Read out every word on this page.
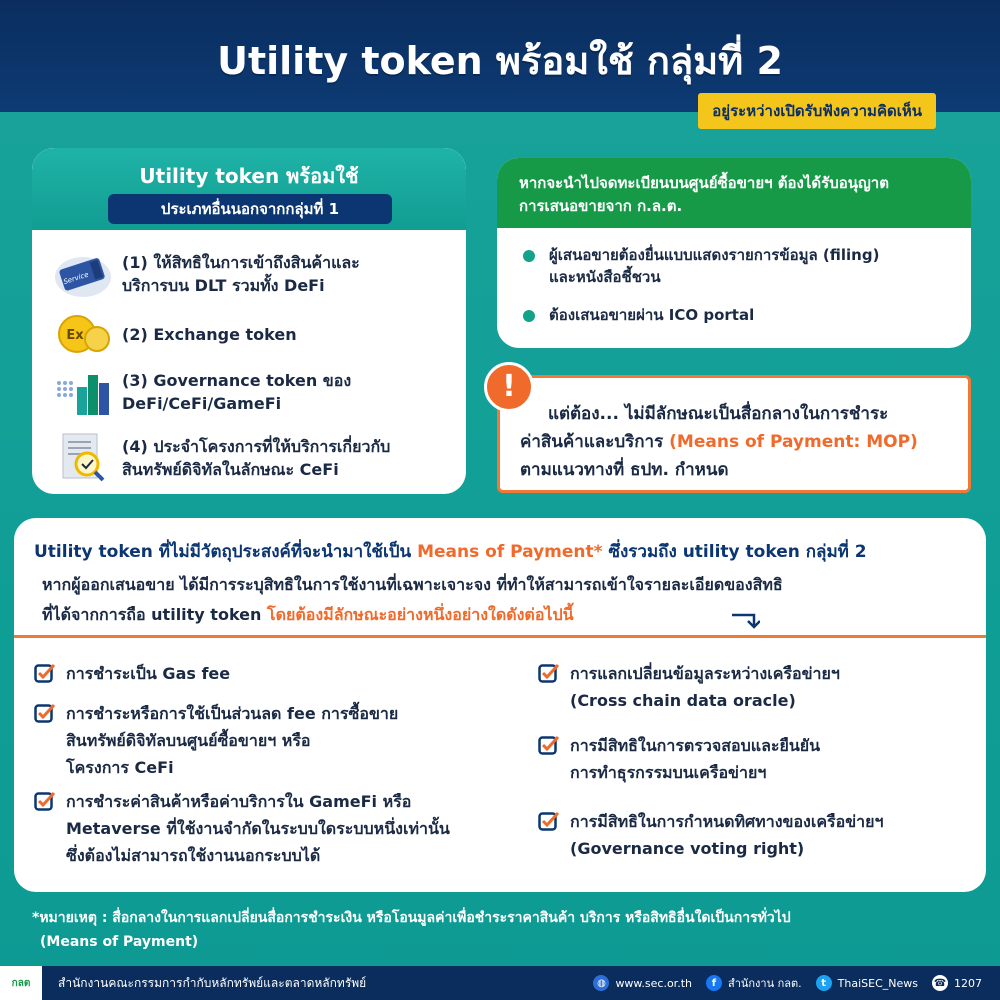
Utility token พร้อมใช้ กลุ่มที่ 2
อยู่ระหว่างเปิดรับฟังความคิดเห็น
Utility token พร้อมใช้
ประเภทอื่นนอกจากกลุ่มที่ 1
Service
(1) ให้สิทธิในการเข้าถึงสินค้าและ
บริการบน DLT รวมทั้ง DeFi
Ex (2) Exchange token
(3) Governance token ของ
DeFi/CeFi/GameFi
(4) ประจำโครงการที่ให้บริการเกี่ยวกับ
สินทรัพย์ดิจิทัลในลักษณะ CeFi
หากจะนำไปจดทะเบียนบนศูนย์ซื้อขายฯ ต้องได้รับอนุญาต
การเสนอขายจาก ก.ล.ต.
ผู้เสนอขายต้องยื่นแบบแสดงรายการข้อมูล (filing)
และหนังสือชี้ชวน
ต้องเสนอขายผ่าน ICO portal
!
แต่ต้อง... ไม่มีลักษณะเป็นสื่อกลางในการชำระ
ค่าสินค้าและบริการ (Means of Payment: MOP)
ตามแนวทางที่ ธปท. กำหนด
Utility token ที่ไม่มีวัตถุประสงค์ที่จะนำมาใช้เป็น Means of Payment* ซึ่งรวมถึง utility token กลุ่มที่ 2
หากผู้ออกเสนอขาย ได้มีการระบุสิทธิในการใช้งานที่เฉพาะเจาะจง ที่ทำให้สามารถเข้าใจรายละเอียดของสิทธิ
ที่ได้จากการถือ utility token โดยต้องมีลักษณะอย่างหนึ่งอย่างใดดังต่อไปนี้
การชำระเป็น Gas fee
การชำระหรือการใช้เป็นส่วนลด fee การซื้อขาย
สินทรัพย์ดิจิทัลบนศูนย์ซื้อขายฯ หรือ
โครงการ CeFi
การชำระค่าสินค้าหรือค่าบริการใน GameFi หรือ
Metaverse ที่ใช้งานจำกัดในระบบใดระบบหนึ่งเท่านั้น
ซึ่งต้องไม่สามารถใช้งานนอกระบบได้
การแลกเปลี่ยนข้อมูลระหว่างเครือข่ายฯ
(Cross chain data oracle)
การมีสิทธิในการตรวจสอบและยืนยัน
การทำธุรกรรมบนเครือข่ายฯ
การมีสิทธิในการกำหนดทิศทางของเครือข่ายฯ
(Governance voting right)
*หมายเหตุ : สื่อกลางในการแลกเปลี่ยนสื่อการชำระเงิน หรือโอนมูลค่าเพื่อชำระราคาสินค้า บริการ หรือสิทธิอื่นใดเป็นการทั่วไป
(Means of Payment)
กลต	สำนักงานคณะกรรมการกำกับหลักทรัพย์และตลาดหลักทรัพย์	◍ www.sec.or.th	f	สำนักงาน กลต.	t	ThaiSEC_News ☎ 1207
